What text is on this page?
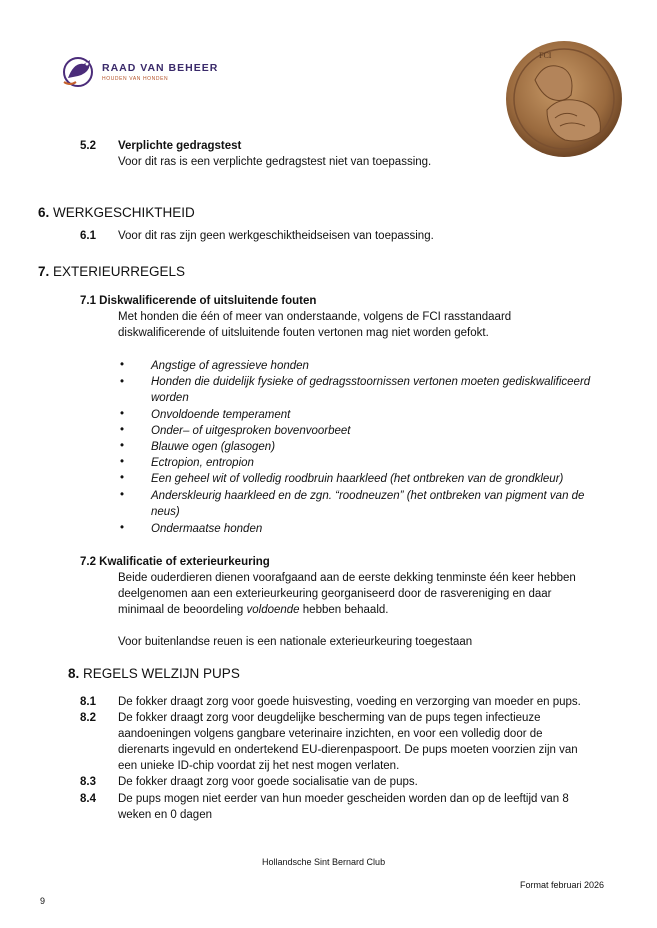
RAAD VAN BEHEER
HOUDEN VAN HONDEN
FCI
5.2 Verplichte gedragstest
Voor dit ras is een verplichte gedragstest niet van toepassing.
6. WERKGESCHIKTHEID
6.1 Voor dit ras zijn geen werkgeschiktheidseisen van toepassing.
7. EXTERIEURREGELS
7.1 Diskwalificerende of uitsluitende fouten
Met honden die één of meer van onderstaande, volgens de FCI rasstandaard
diskwalificerende of uitsluitende fouten vertonen mag niet worden gefokt.
• Angstige of agressieve honden
• Honden die duidelijk fysieke of gedragsstoornissen vertonen moeten gediskwalificeerd
worden
• Onvoldoende temperament
• Onder– of uitgesproken bovenvoorbeet
• Blauwe ogen (glasogen)
• Ectropion, entropion
• Een geheel wit of volledig roodbruin haarkleed (het ontbreken van de grondkleur)
• Anderskleurig haarkleed en de zgn. “roodneuzen” (het ontbreken van pigment van de
neus)
• Ondermaatse honden
7.2 Kwalificatie of exterieurkeuring
Beide ouderdieren dienen voorafgaand aan de eerste dekking tenminste één keer hebben
deelgenomen aan een exterieurkeuring georganiseerd door de rasvereniging en daar
minimaal de beoordeling voldoende hebben behaald.
Voor buitenlandse reuen is een nationale exterieurkeuring toegestaan
8. REGELS WELZIJN PUPS
8.1 De fokker draagt zorg voor goede huisvesting, voeding en verzorging van moeder en pups.
8.2 De fokker draagt zorg voor deugdelijke bescherming van de pups tegen infectieuze
aandoeningen volgens gangbare veterinaire inzichten, en voor een volledig door de
dierenarts ingevuld en ondertekend EU-dierenpaspoort. De pups moeten voorzien zijn van
een unieke ID-chip voordat zij het nest mogen verlaten.
8.3 De fokker draagt zorg voor goede socialisatie van de pups.
8.4 De pups mogen niet eerder van hun moeder gescheiden worden dan op de leeftijd van 8
weken en 0 dagen
Hollandsche Sint Bernard Club
Format februari 2026
9
